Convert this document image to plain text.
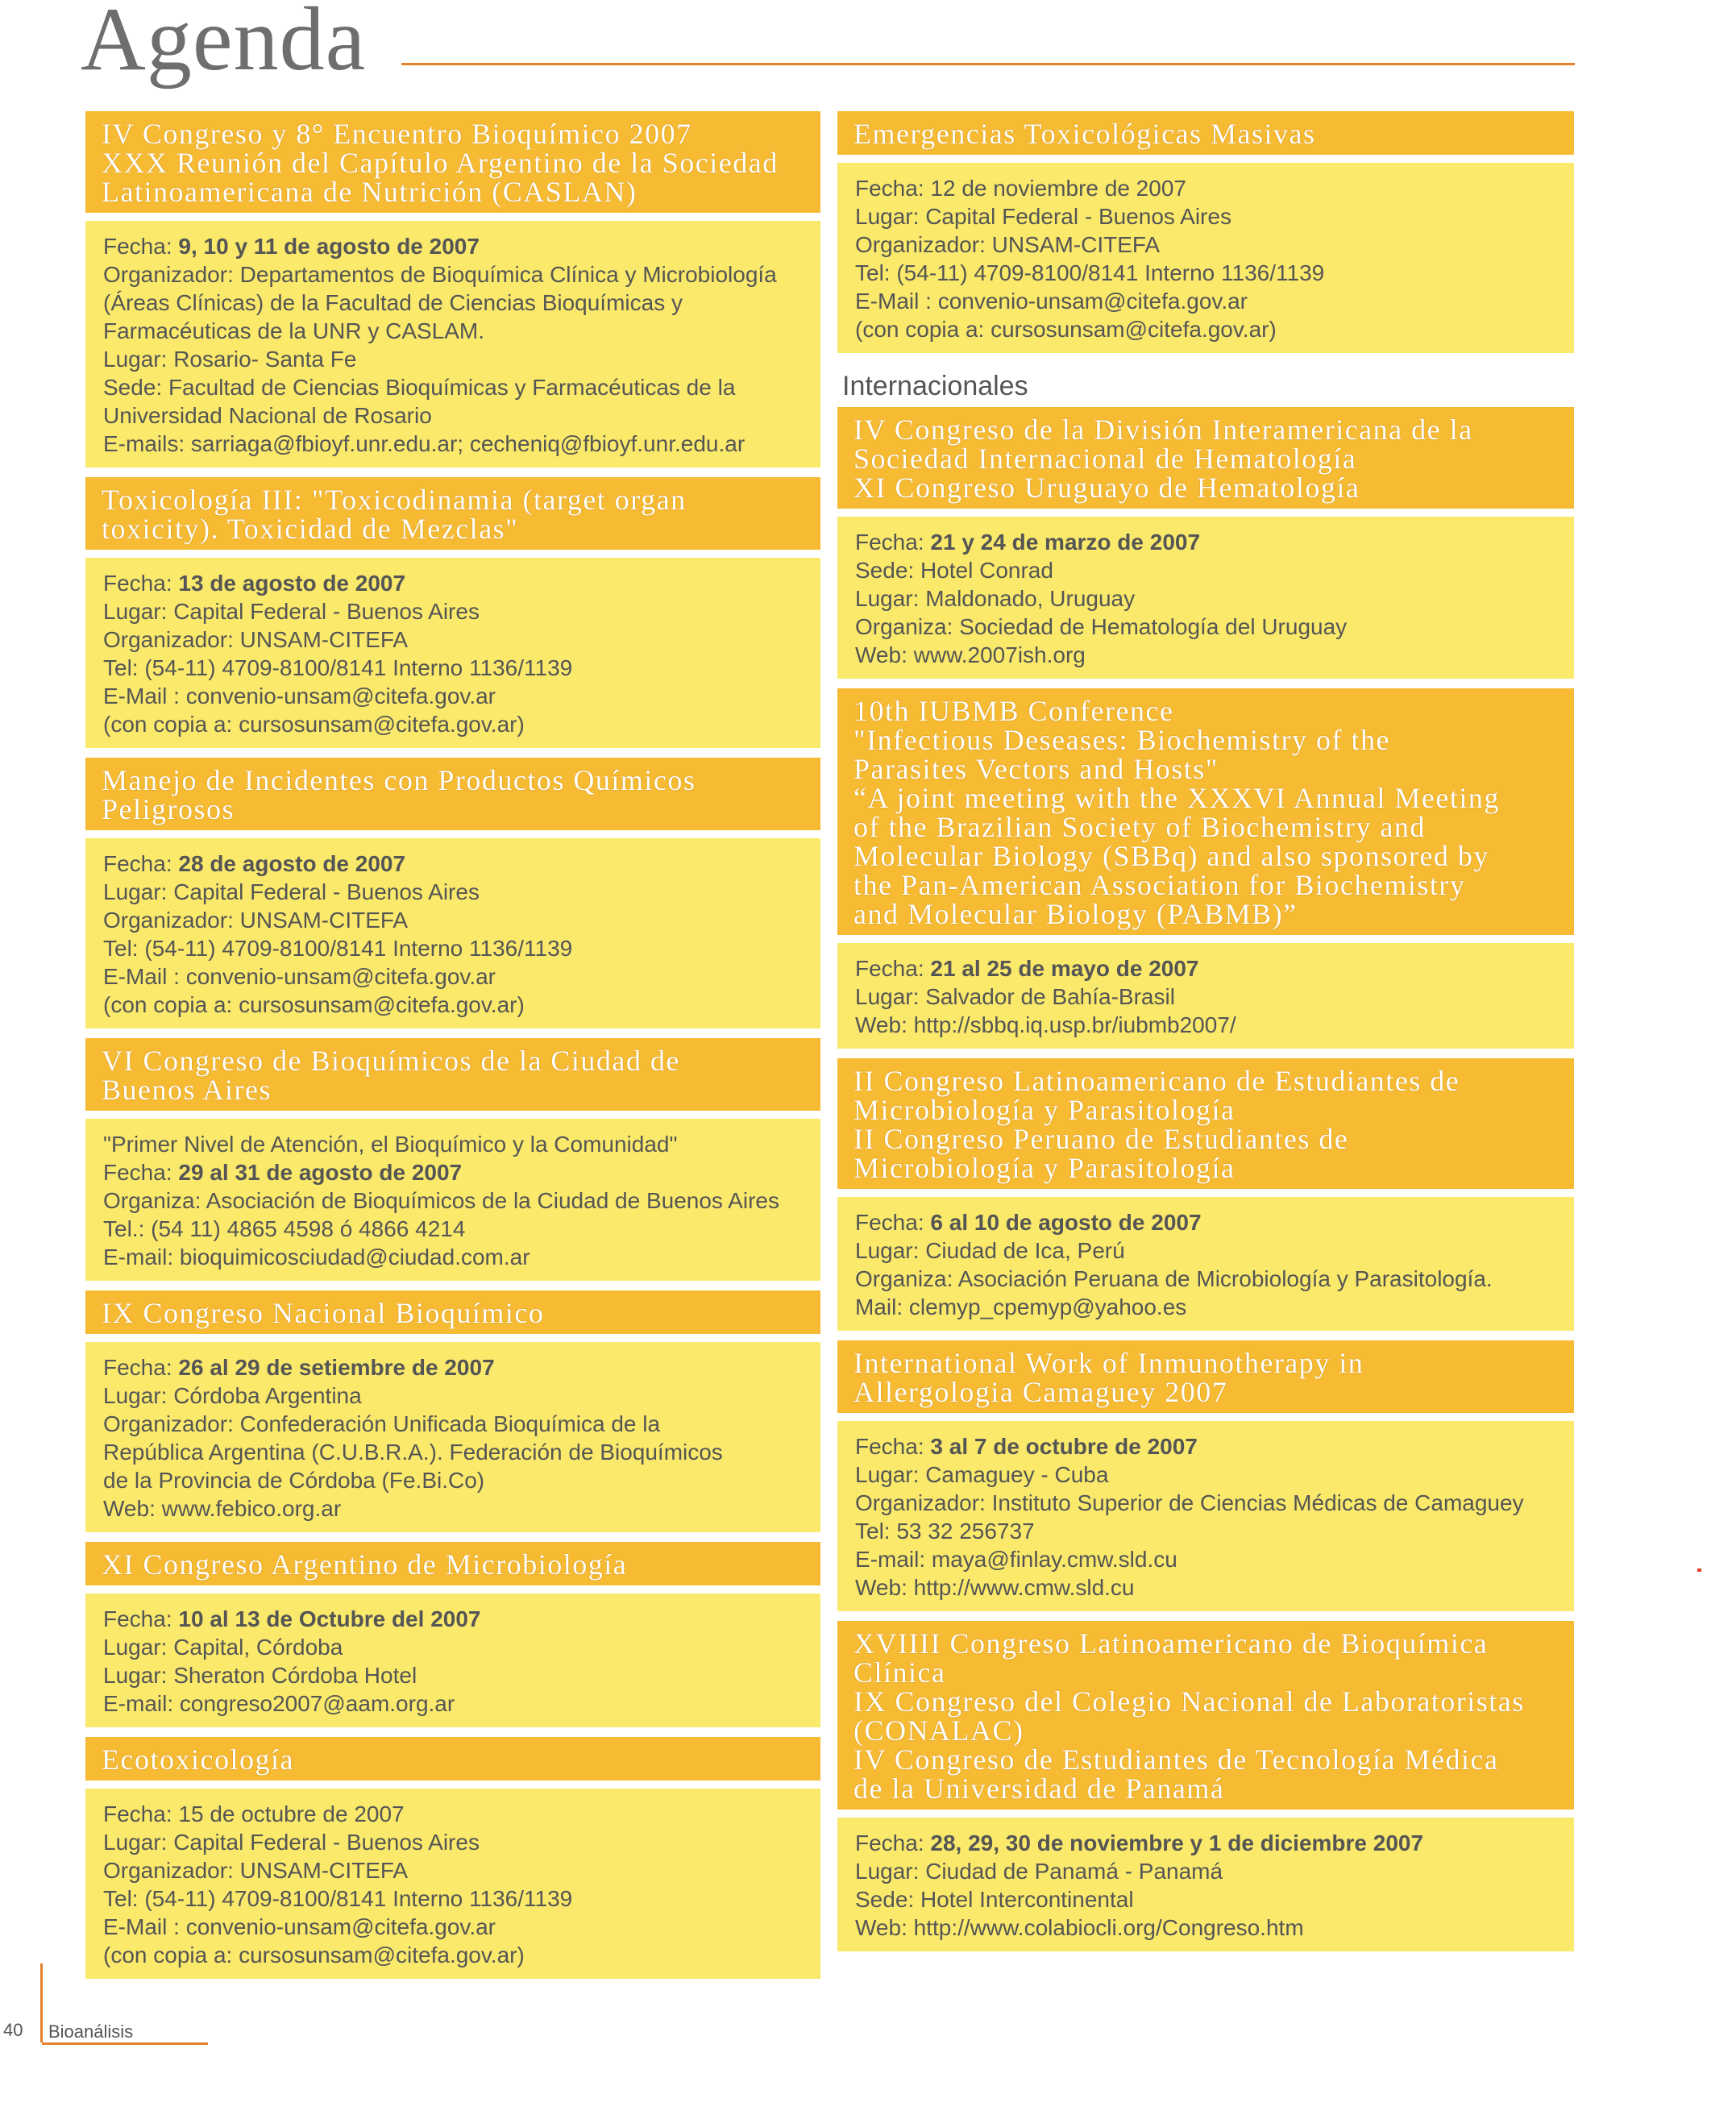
Agenda
IV Congreso y 8° Encuentro Bioquímico 2007
XXX Reunión del Capítulo Argentino de la Sociedad
Latinoamericana de Nutrición (CASLAN)
Fecha: 9, 10 y 11 de agosto de 2007
Organizador: Departamentos de Bioquímica Clínica y Microbiología
(Áreas Clínicas) de la Facultad de Ciencias Bioquímicas y
Farmacéuticas de la UNR y CASLAM.
Lugar: Rosario- Santa Fe
Sede: Facultad de Ciencias Bioquímicas y Farmacéuticas de la
Universidad Nacional de Rosario
E-mails: sarriaga@fbioyf.unr.edu.ar; cecheniq@fbioyf.unr.edu.ar
Toxicología III: "Toxicodinamia (target organ
toxicity). Toxicidad de Mezclas"
Fecha: 13 de agosto de 2007
Lugar: Capital Federal - Buenos Aires
Organizador: UNSAM-CITEFA
Tel: (54-11) 4709-8100/8141 Interno 1136/1139
E-Mail : convenio-unsam@citefa.gov.ar
(con copia a: cursosunsam@citefa.gov.ar)
Manejo de Incidentes con Productos Químicos
Peligrosos
Fecha: 28 de agosto de 2007
Lugar: Capital Federal - Buenos Aires
Organizador: UNSAM-CITEFA
Tel: (54-11) 4709-8100/8141 Interno 1136/1139
E-Mail : convenio-unsam@citefa.gov.ar
(con copia a: cursosunsam@citefa.gov.ar)
VI Congreso de Bioquímicos de la Ciudad de
Buenos Aires
"Primer Nivel de Atención, el Bioquímico y la Comunidad"
Fecha: 29 al 31 de agosto de 2007
Organiza: Asociación de Bioquímicos de la Ciudad de Buenos Aires
Tel.: (54 11) 4865 4598 ó 4866 4214
E-mail: bioquimicosciudad@ciudad.com.ar
IX Congreso Nacional Bioquímico
Fecha: 26 al 29 de setiembre de 2007
Lugar: Córdoba Argentina
Organizador: Confederación Unificada Bioquímica de la
República Argentina (C.U.B.R.A.). Federación de Bioquímicos
de la Provincia de Córdoba (Fe.Bi.Co)
Web: www.febico.org.ar
XI Congreso Argentino de Microbiología
Fecha: 10 al 13 de Octubre del 2007
Lugar: Capital, Córdoba
Lugar: Sheraton Córdoba Hotel
E-mail: congreso2007@aam.org.ar
Ecotoxicología
Fecha: 15 de octubre de 2007
Lugar: Capital Federal - Buenos Aires
Organizador: UNSAM-CITEFA
Tel: (54-11) 4709-8100/8141 Interno 1136/1139
E-Mail : convenio-unsam@citefa.gov.ar
(con copia a: cursosunsam@citefa.gov.ar)
Emergencias Toxicológicas Masivas
Fecha: 12 de noviembre de 2007
Lugar: Capital Federal - Buenos Aires
Organizador: UNSAM-CITEFA
Tel: (54-11) 4709-8100/8141 Interno 1136/1139
E-Mail : convenio-unsam@citefa.gov.ar
(con copia a: cursosunsam@citefa.gov.ar)
Internacionales
IV Congreso de la División Interamericana de la
Sociedad Internacional de Hematología
XI Congreso Uruguayo de Hematología
Fecha: 21 y 24 de marzo de 2007
Sede: Hotel Conrad
Lugar: Maldonado, Uruguay
Organiza: Sociedad de Hematología del Uruguay
Web: www.2007ish.org
10th IUBMB Conference
"Infectious Deseases: Biochemistry of the
Parasites Vectors and Hosts"
“A joint meeting with the XXXVI Annual Meeting
of the Brazilian Society of Biochemistry and
Molecular Biology (SBBq) and also sponsored by
the Pan-American Association for Biochemistry
and Molecular Biology (PABMB)”
Fecha: 21 al 25 de mayo de 2007
Lugar: Salvador de Bahía-Brasil
Web: http://sbbq.iq.usp.br/iubmb2007/
II Congreso Latinoamericano de Estudiantes de
Microbiología y Parasitología
II Congreso Peruano de Estudiantes de
Microbiología y Parasitología
Fecha: 6 al 10 de agosto de 2007
Lugar: Ciudad de Ica, Perú
Organiza: Asociación Peruana de Microbiología y Parasitología.
Mail: clemyp_cpemyp@yahoo.es
International Work of Inmunotherapy in
Allergologia Camaguey 2007
Fecha: 3 al 7 de octubre de 2007
Lugar: Camaguey - Cuba
Organizador: Instituto Superior de Ciencias Médicas de Camaguey
Tel: 53 32 256737
E-mail: maya@finlay.cmw.sld.cu
Web: http://www.cmw.sld.cu
XVIIII Congreso Latinoamericano de Bioquímica
Clínica
IX Congreso del Colegio Nacional de Laboratoristas
(CONALAC)
IV Congreso de Estudiantes de Tecnología Médica
de la Universidad de Panamá
Fecha: 28, 29, 30 de noviembre y 1 de diciembre 2007
Lugar: Ciudad de Panamá - Panamá
Sede: Hotel Intercontinental
Web: http://www.colabiocli.org/Congreso.htm
40 Bioanálisis
